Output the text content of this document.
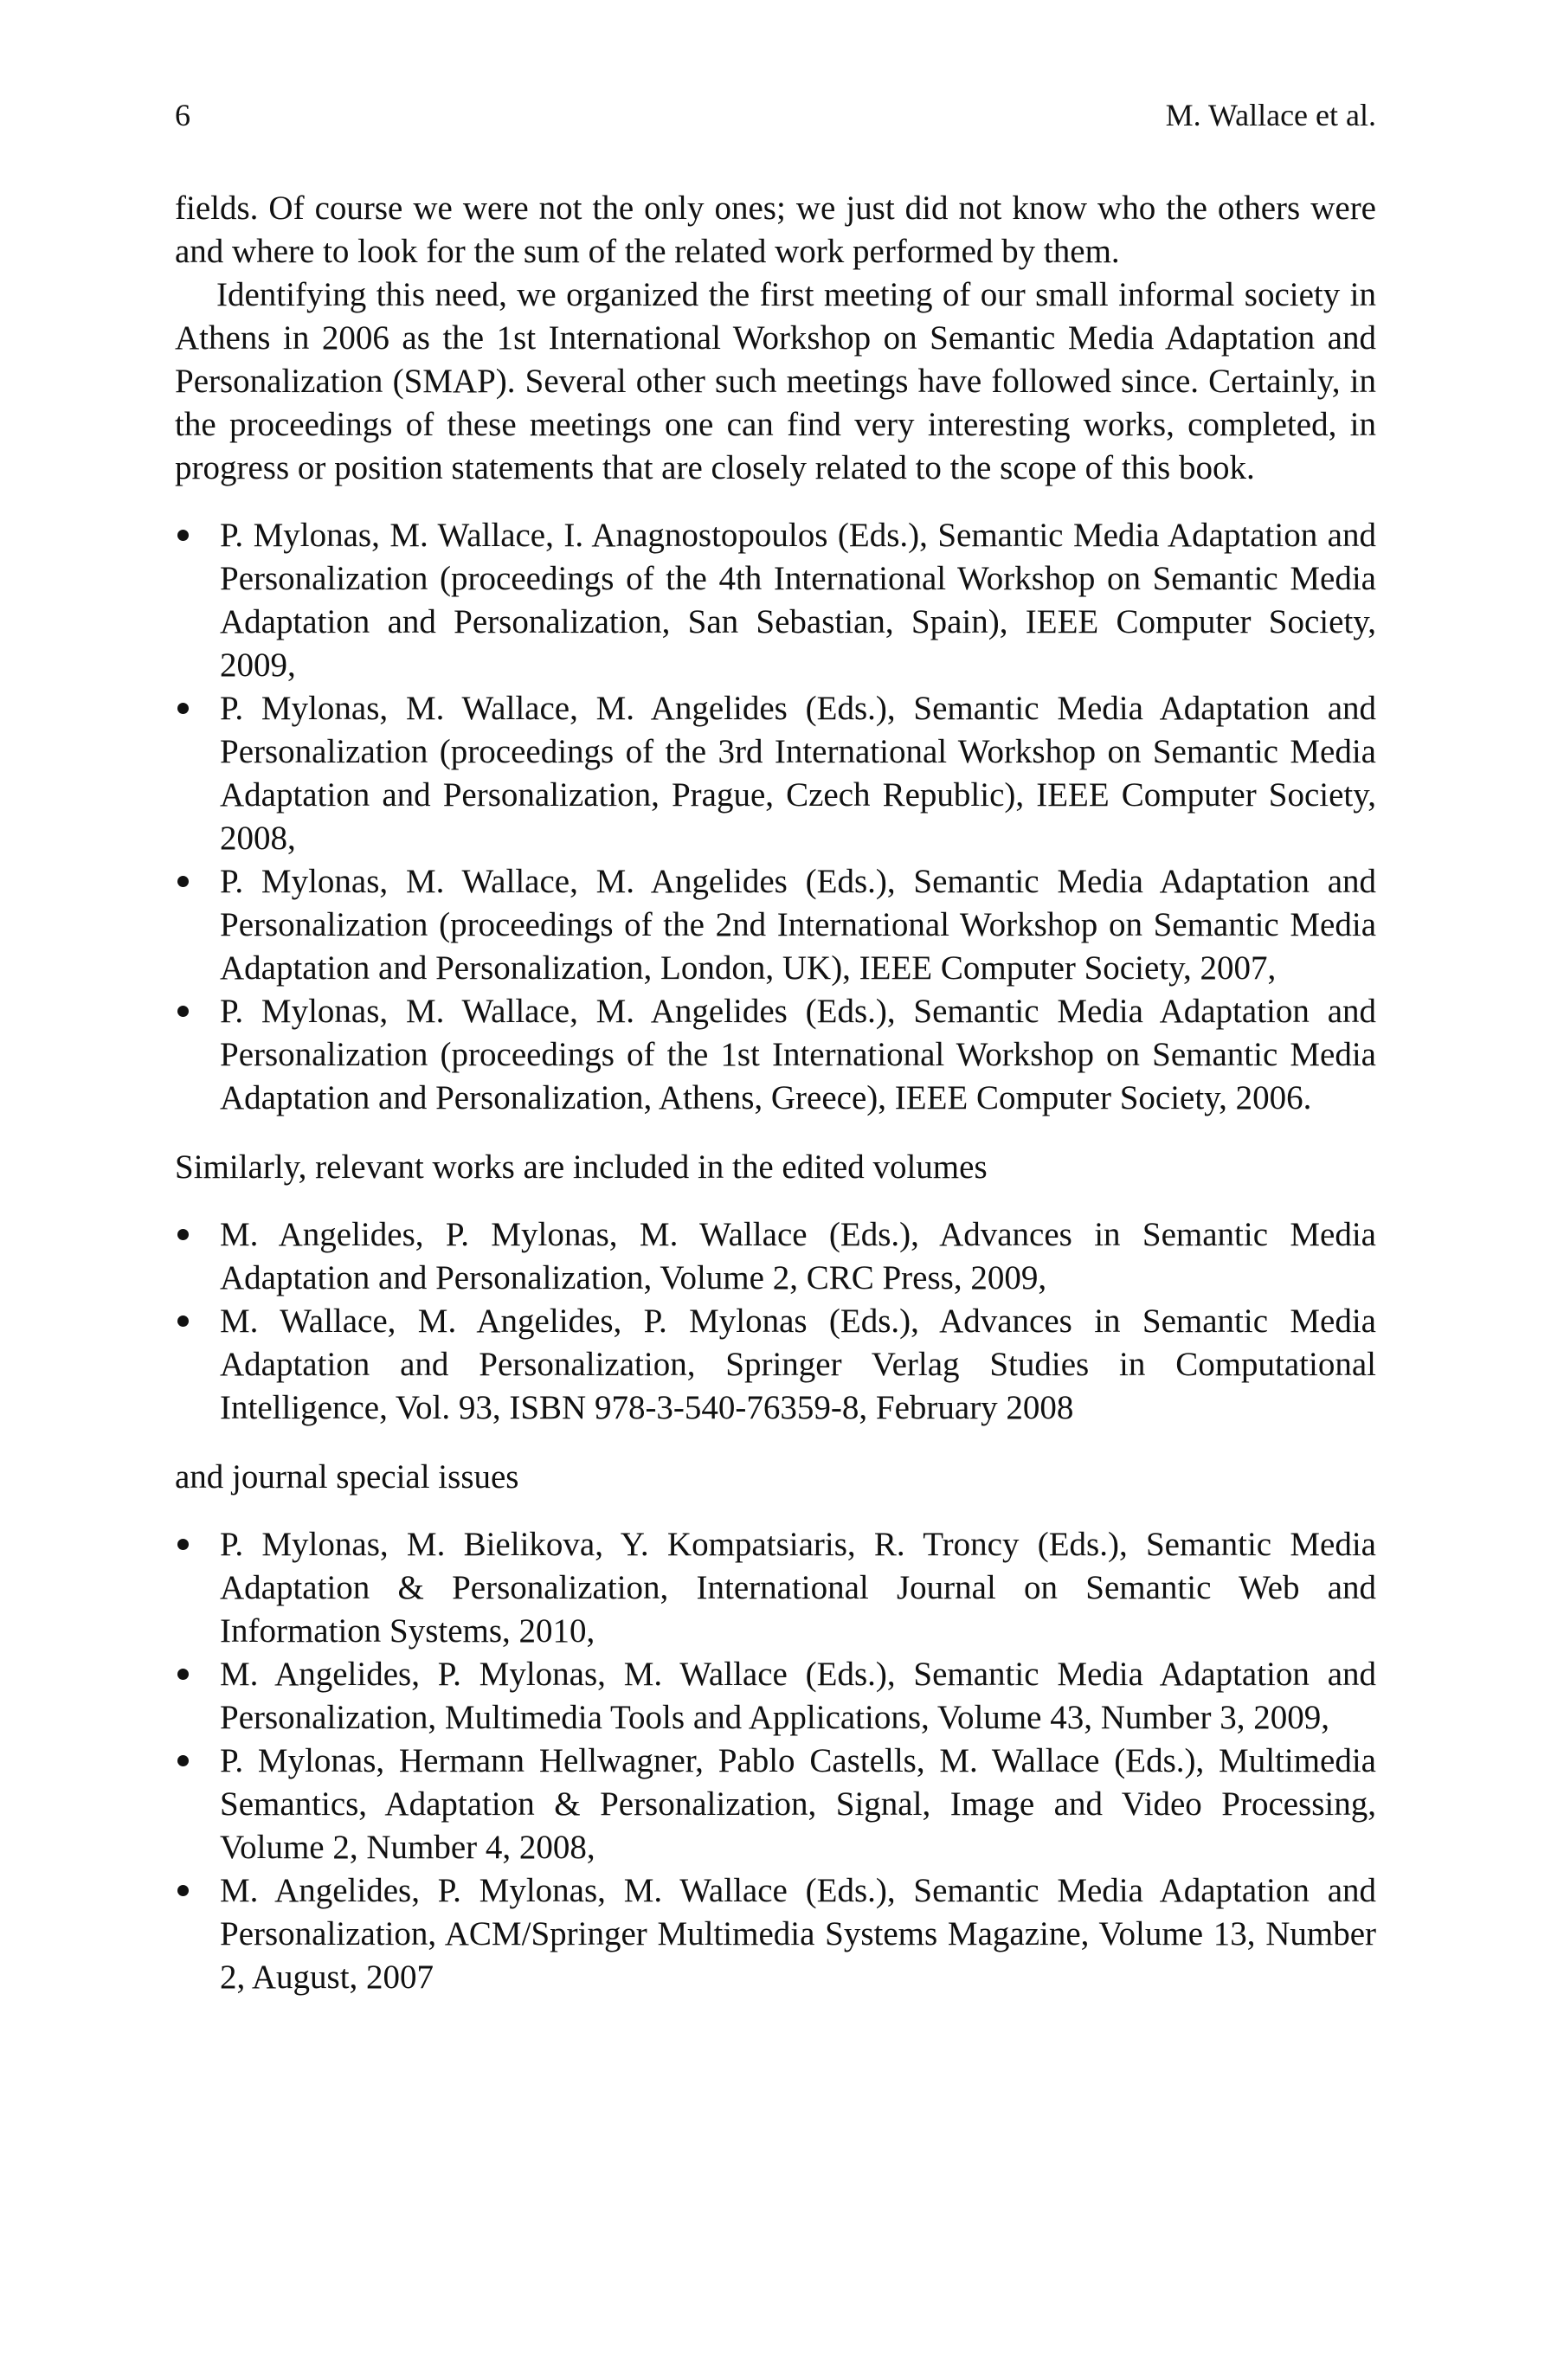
6	M. Wallace et al.

fields. Of course we were not the only ones; we just did not know who the others were and where to look for the sum of the related work performed by them.

Identifying this need, we organized the first meeting of our small informal society in Athens in 2006 as the 1st International Workshop on Semantic Media Adaptation and Personalization (SMAP). Several other such meetings have followed since. Certainly, in the proceedings of these meetings one can find very interesting works, completed, in progress or position statements that are closely related to the scope of this book.

P. Mylonas, M. Wallace, I. Anagnostopoulos (Eds.), Semantic Media Adaptation and Personalization (proceedings of the 4th International Workshop on Semantic Media Adaptation and Personalization, San Sebastian, Spain), IEEE Computer Society, 2009,
P. Mylonas, M. Wallace, M. Angelides (Eds.), Semantic Media Adaptation and Personalization (proceedings of the 3rd International Workshop on Semantic Media Adaptation and Personalization, Prague, Czech Republic), IEEE Computer Society, 2008,
P. Mylonas, M. Wallace, M. Angelides (Eds.), Semantic Media Adaptation and Personalization (proceedings of the 2nd International Workshop on Semantic Media Adaptation and Personalization, London, UK), IEEE Computer Society, 2007,
P. Mylonas, M. Wallace, M. Angelides (Eds.), Semantic Media Adaptation and Personalization (proceedings of the 1st International Workshop on Semantic Media Adaptation and Personalization, Athens, Greece), IEEE Computer Society, 2006.

Similarly, relevant works are included in the edited volumes

M. Angelides, P. Mylonas, M. Wallace (Eds.), Advances in Semantic Media Adaptation and Personalization, Volume 2, CRC Press, 2009,
M. Wallace, M. Angelides, P. Mylonas (Eds.), Advances in Semantic Media Adaptation and Personalization, Springer Verlag Studies in Computational Intelligence, Vol. 93, ISBN 978-3-540-76359-8, February 2008

and journal special issues

P. Mylonas, M. Bielikova, Y. Kompatsiaris, R. Troncy (Eds.), Semantic Media Adaptation & Personalization, International Journal on Semantic Web and Information Systems, 2010,
M. Angelides, P. Mylonas, M. Wallace (Eds.), Semantic Media Adaptation and Personalization, Multimedia Tools and Applications, Volume 43, Number 3, 2009,
P. Mylonas, Hermann Hellwagner, Pablo Castells, M. Wallace (Eds.), Multimedia Semantics, Adaptation & Personalization, Signal, Image and Video Processing, Volume 2, Number 4, 2008,
M. Angelides, P. Mylonas, M. Wallace (Eds.), Semantic Media Adaptation and Personalization, ACM/Springer Multimedia Systems Magazine, Volume 13, Number 2, August, 2007
